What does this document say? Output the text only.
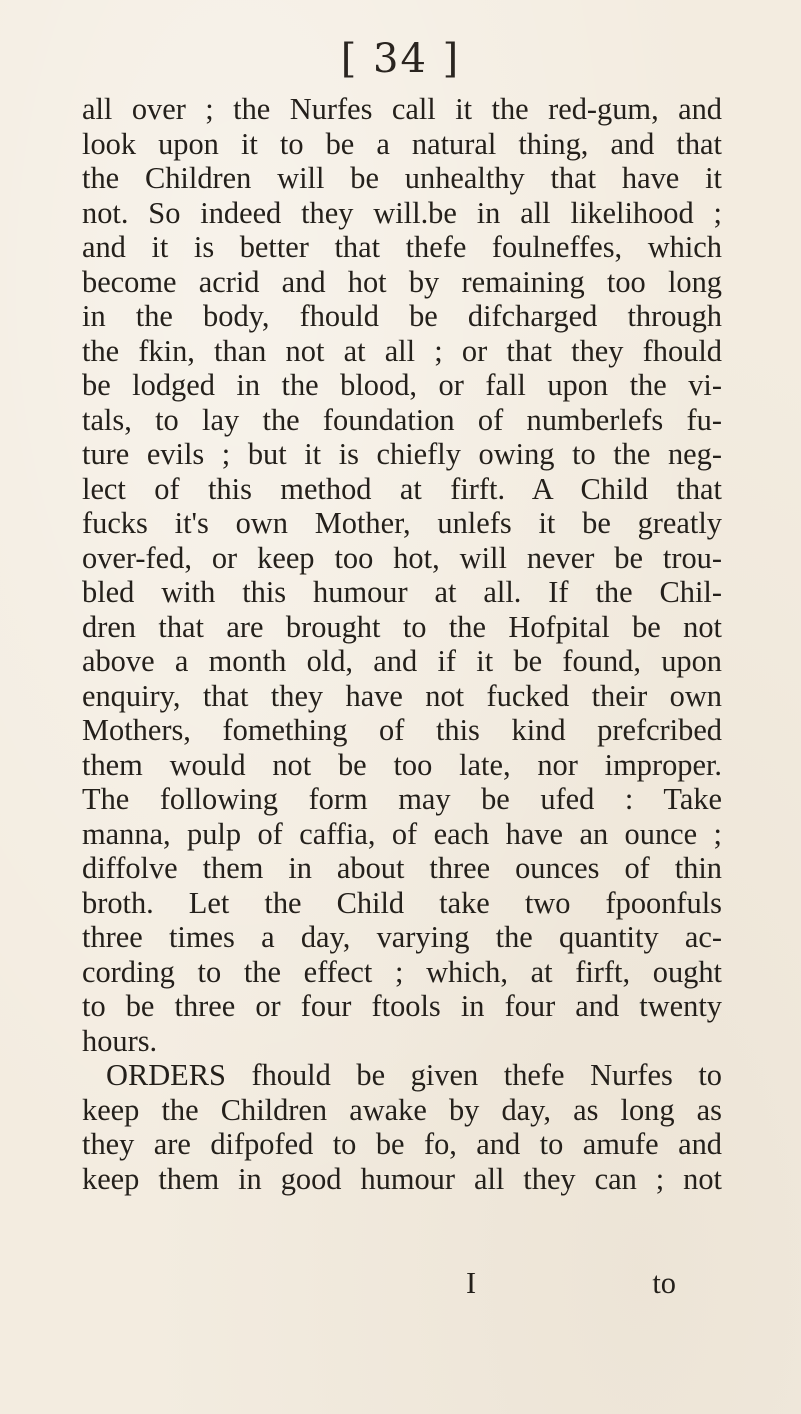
[ 34 ]
all over ; the Nurfes call it the red-gum, and
look upon it to be a natural thing, and that
the Children will be unhealthy that have it
not. So indeed they will.be in all likelihood ;
and it is better that thefe foulneffes, which
become acrid and hot by remaining too long
in the body, fhould be difcharged through
the fkin, than not at all ; or that they fhould
be lodged in the blood, or fall upon the vi-
tals, to lay the foundation of numberlefs fu-
ture evils ; but it is chiefly owing to the neg-
lect of this method at firft. A Child that
fucks it's own Mother, unlefs it be greatly
over-fed, or keep too hot, will never be trou-
bled with this humour at all. If the Chil-
dren that are brought to the Hofpital be not
above a month old, and if it be found, upon
enquiry, that they have not fucked their own
Mothers, fomething of this kind prefcribed
them would not be too late, nor improper.
The following form may be ufed : Take
manna, pulp of caffia, of each have an ounce ;
diffolve them in about three ounces of thin
broth. Let the Child take two fpoonfuls
three times a day, varying the quantity ac-
cording to the effect ; which, at firft, ought
to be three or four ftools in four and twenty
hours.
ORDERS fhould be given thefe Nurfes to
keep the Children awake by day, as long as
they are difpofed to be fo, and to amufe and
keep them in good humour all they can ; not
I	to
